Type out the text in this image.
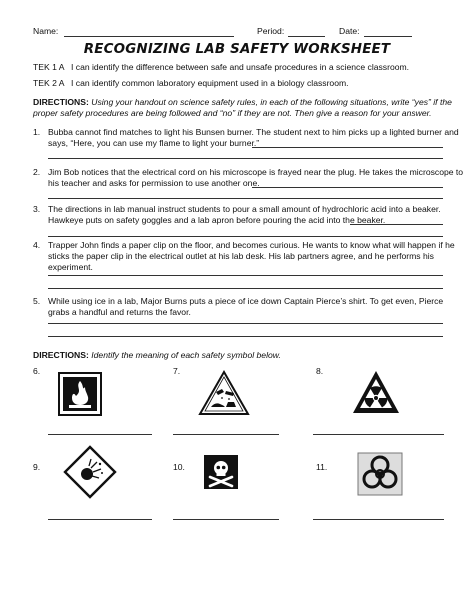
Name:	Period:	Date:
RECOGNIZING LAB SAFETY WORKSHEET
TEK 1 A I can identify the difference between safe and unsafe procedures in a science classroom.
TEK 2 A I can identify common laboratory equipment used in a biology classroom.
DIRECTIONS: Using your handout on science safety rules, in each of the following situations, write “yes” if the
proper safety procedures are being followed and “no” if they are not. Then give a reason for your answer.
1. Bubba cannot find matches to light his Bunsen burner. The student next to him picks up a lighted burner and
says, “Here, you can use my flame to light your burner.”
2. Jim Bob notices that the electrical cord on his microscope is frayed near the plug. He takes the microscope to
his teacher and asks for permission to use another one.
3. The directions in lab manual instruct students to pour a small amount of hydrochloric acid into a beaker.
Hawkeye puts on safety goggles and a lab apron before pouring the acid into the beaker.
4. Trapper John finds a paper clip on the floor, and becomes curious. He wants to know what will happen if he
sticks the paper clip in the electrical outlet at his lab desk. His lab partners agree, and he performs his
experiment.
5. While using ice in a lab, Major Burns puts a piece of ice down Captain Pierce’s shirt. To get even, Pierce
grabs a handful and returns the favor.
DIRECTIONS: Identify the meaning of each safety symbol below.
6.	7.	8.
9.	10.	11.
